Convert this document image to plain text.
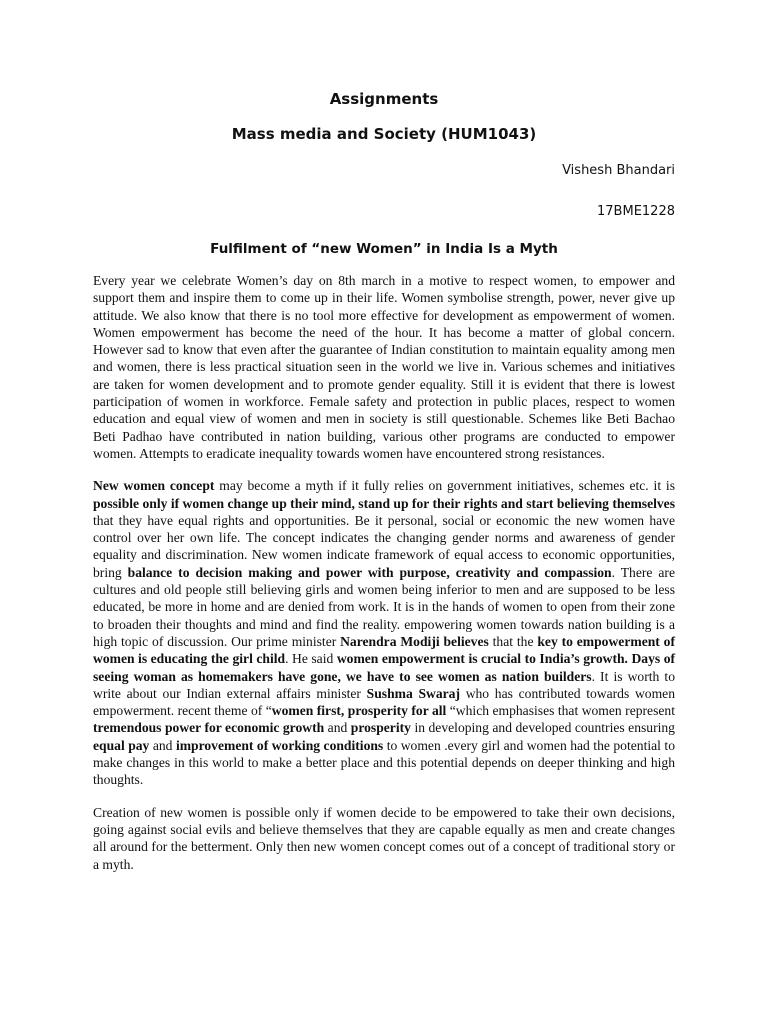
Assignments

Mass media and Society (HUM1043)

Vishesh Bhandari

17BME1228

Fulfilment of “new Women” in India Is a Myth

Every year we celebrate Women’s day on 8th march in a motive to respect women, to empower and support them and inspire them to come up in their life. Women symbolise strength, power, never give up attitude. We also know that there is no tool more effective for development as empowerment of women. Women empowerment has become the need of the hour. It has become a matter of global concern. However sad to know that even after the guarantee of Indian constitution to maintain equality among men and women, there is less practical situation seen in the world we live in. Various schemes and initiatives are taken for women development and to promote gender equality. Still it is evident that there is lowest participation of women in workforce. Female safety and protection in public places, respect to women education and equal view of women and men in society is still questionable. Schemes like Beti Bachao Beti Padhao have contributed in nation building, various other programs are conducted to empower women. Attempts to eradicate inequality towards women have encountered strong resistances.

New women concept may become a myth if it fully relies on government initiatives, schemes etc. it is possible only if women change up their mind, stand up for their rights and start believing themselves that they have equal rights and opportunities. Be it personal, social or economic the new women have control over her own life. The concept indicates the changing gender norms and awareness of gender equality and discrimination. New women indicate framework of equal access to economic opportunities, bring balance to decision making and power with purpose, creativity and compassion. There are cultures and old people still believing girls and women being inferior to men and are supposed to be less educated, be more in home and are denied from work. It is in the hands of women to open from their zone to broaden their thoughts and mind and find the reality. empowering women towards nation building is a high topic of discussion. Our prime minister Narendra Modiji believes that the key to empowerment of women is educating the girl child. He said women empowerment is crucial to India’s growth. Days of seeing woman as homemakers have gone, we have to see women as nation builders. It is worth to write about our Indian external affairs minister Sushma Swaraj who has contributed towards women empowerment. recent theme of “women first, prosperity for all “which emphasises that women represent tremendous power for economic growth and prosperity in developing and developed countries ensuring equal pay and improvement of working conditions to women .every girl and women had the potential to make changes in this world to make a better place and this potential depends on deeper thinking and high thoughts.

Creation of new women is possible only if women decide to be empowered to take their own decisions, going against social evils and believe themselves that they are capable equally as men and create changes all around for the betterment. Only then new women concept comes out of a concept of traditional story or a myth.
